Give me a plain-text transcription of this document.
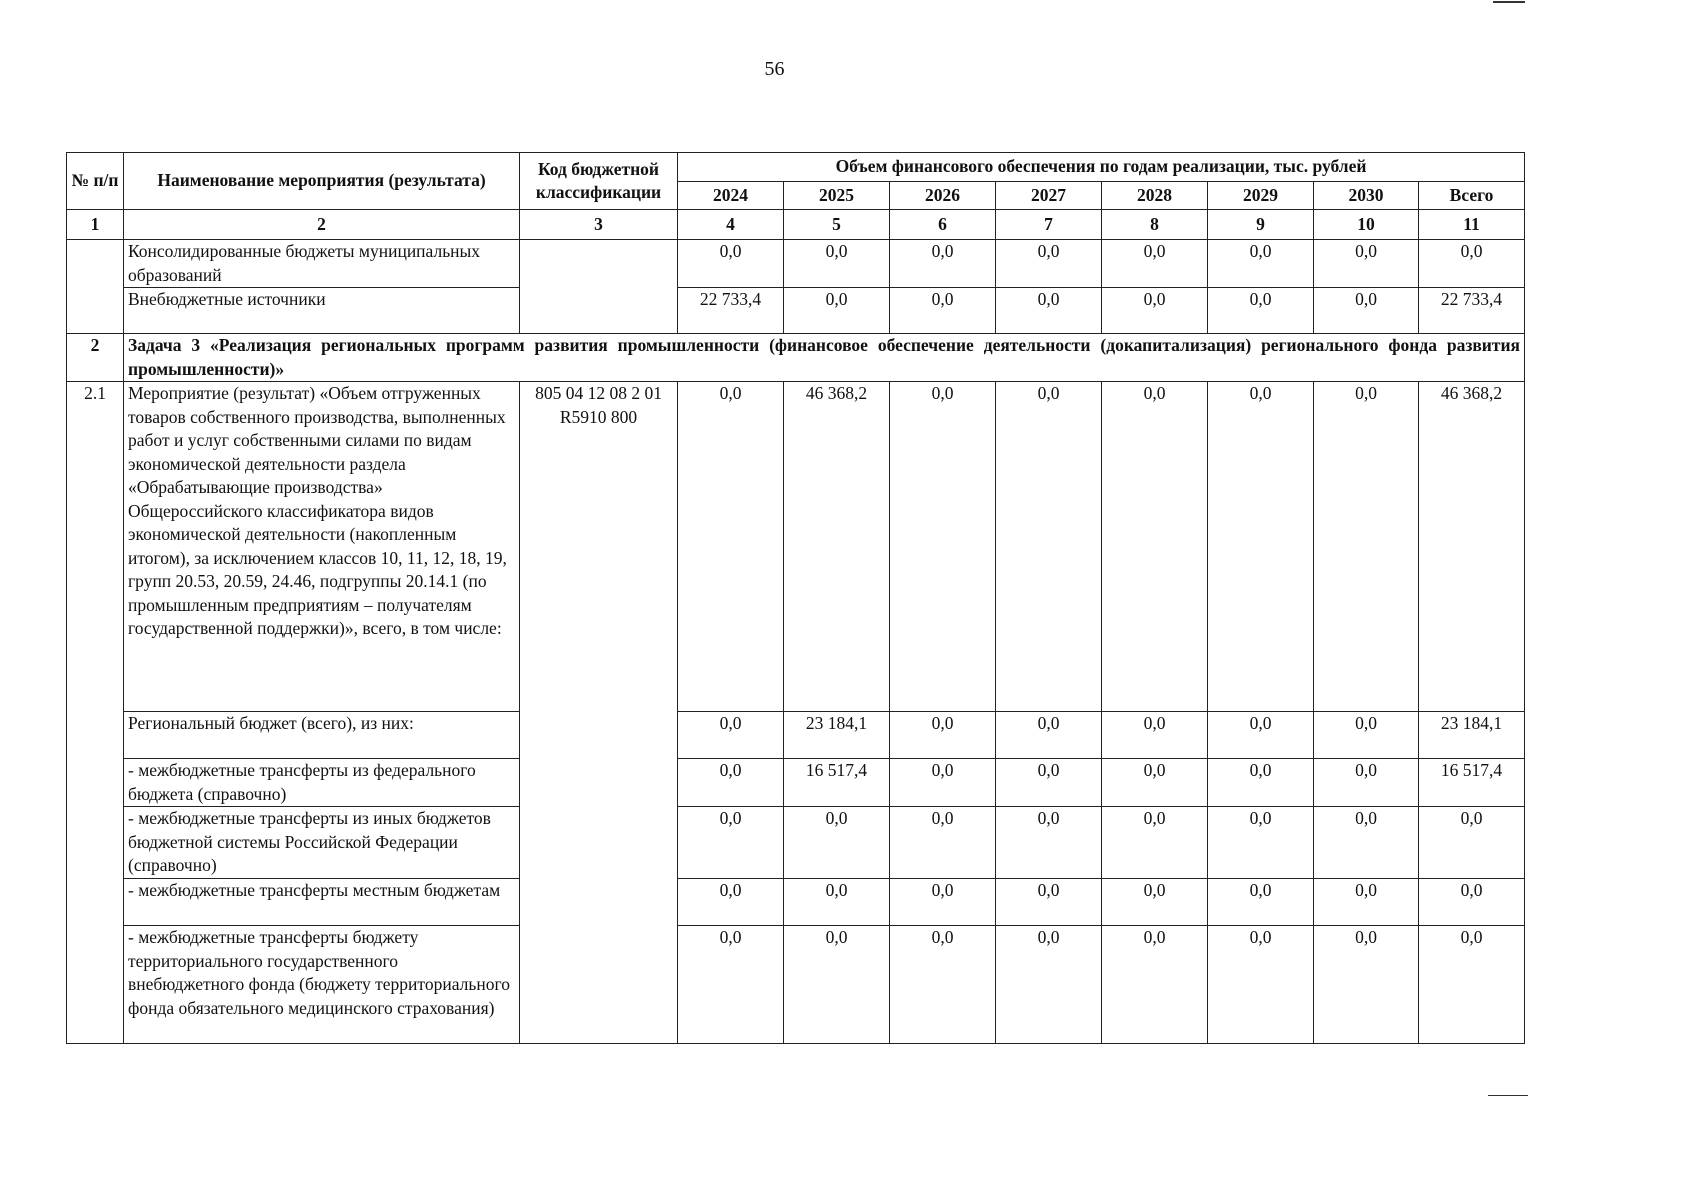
56
№ п/п	Наименование мероприятия (результата)	Код бюджетной классификации	Объем финансового обеспечения по годам реализации, тыс. рублей							
			2024	2025	2026	2027	2028	2029	2030	Всего
1	2	3	4	5	6	7	8	9	10	11
	Консолидированные бюджеты муниципальных образований		0,0	0,0	0,0	0,0	0,0	0,0	0,0	0,0
	Внебюджетные источники		22 733,4	0,0	0,0	0,0	0,0	0,0	0,0	22 733,4
2	Задача 3 «Реализация региональных программ развития промышленности (финансовое обеспечение деятельности (докапитализация) регионального фонда развития промышленности)»									
2.1	Мероприятие (результат) «Объем отгруженных товаров собственного производства, выполненных работ и услуг собственными силами по видам экономической деятельности раздела «Обрабатывающие производства» Общероссийского классификатора видов экономической деятельности (накопленным итогом), за исключением классов 10, 11, 12, 18, 19, групп 20.53, 20.59, 24.46, подгруппы 20.14.1 (по промышленным предприятиям – получателям государственной поддержки)», всего, в том числе:	805 04 12 08 2 01 R5910 800	0,0	46 368,2	0,0	0,0	0,0	0,0	0,0	46 368,2
	Региональный бюджет (всего), из них:		0,0	23 184,1	0,0	0,0	0,0	0,0	0,0	23 184,1
	- межбюджетные трансферты из федерального бюджета (справочно)		0,0	16 517,4	0,0	0,0	0,0	0,0	0,0	16 517,4
	- межбюджетные трансферты из иных бюджетов бюджетной системы Российской Федерации (справочно)		0,0	0,0	0,0	0,0	0,0	0,0	0,0	0,0
	- межбюджетные трансферты местным бюджетам		0,0	0,0	0,0	0,0	0,0	0,0	0,0	0,0
	- межбюджетные трансферты бюджету территориального государственного внебюджетного фонда (бюджету территориального фонда обязательного медицинского страхования)		0,0	0,0	0,0	0,0	0,0	0,0	0,0	0,0
